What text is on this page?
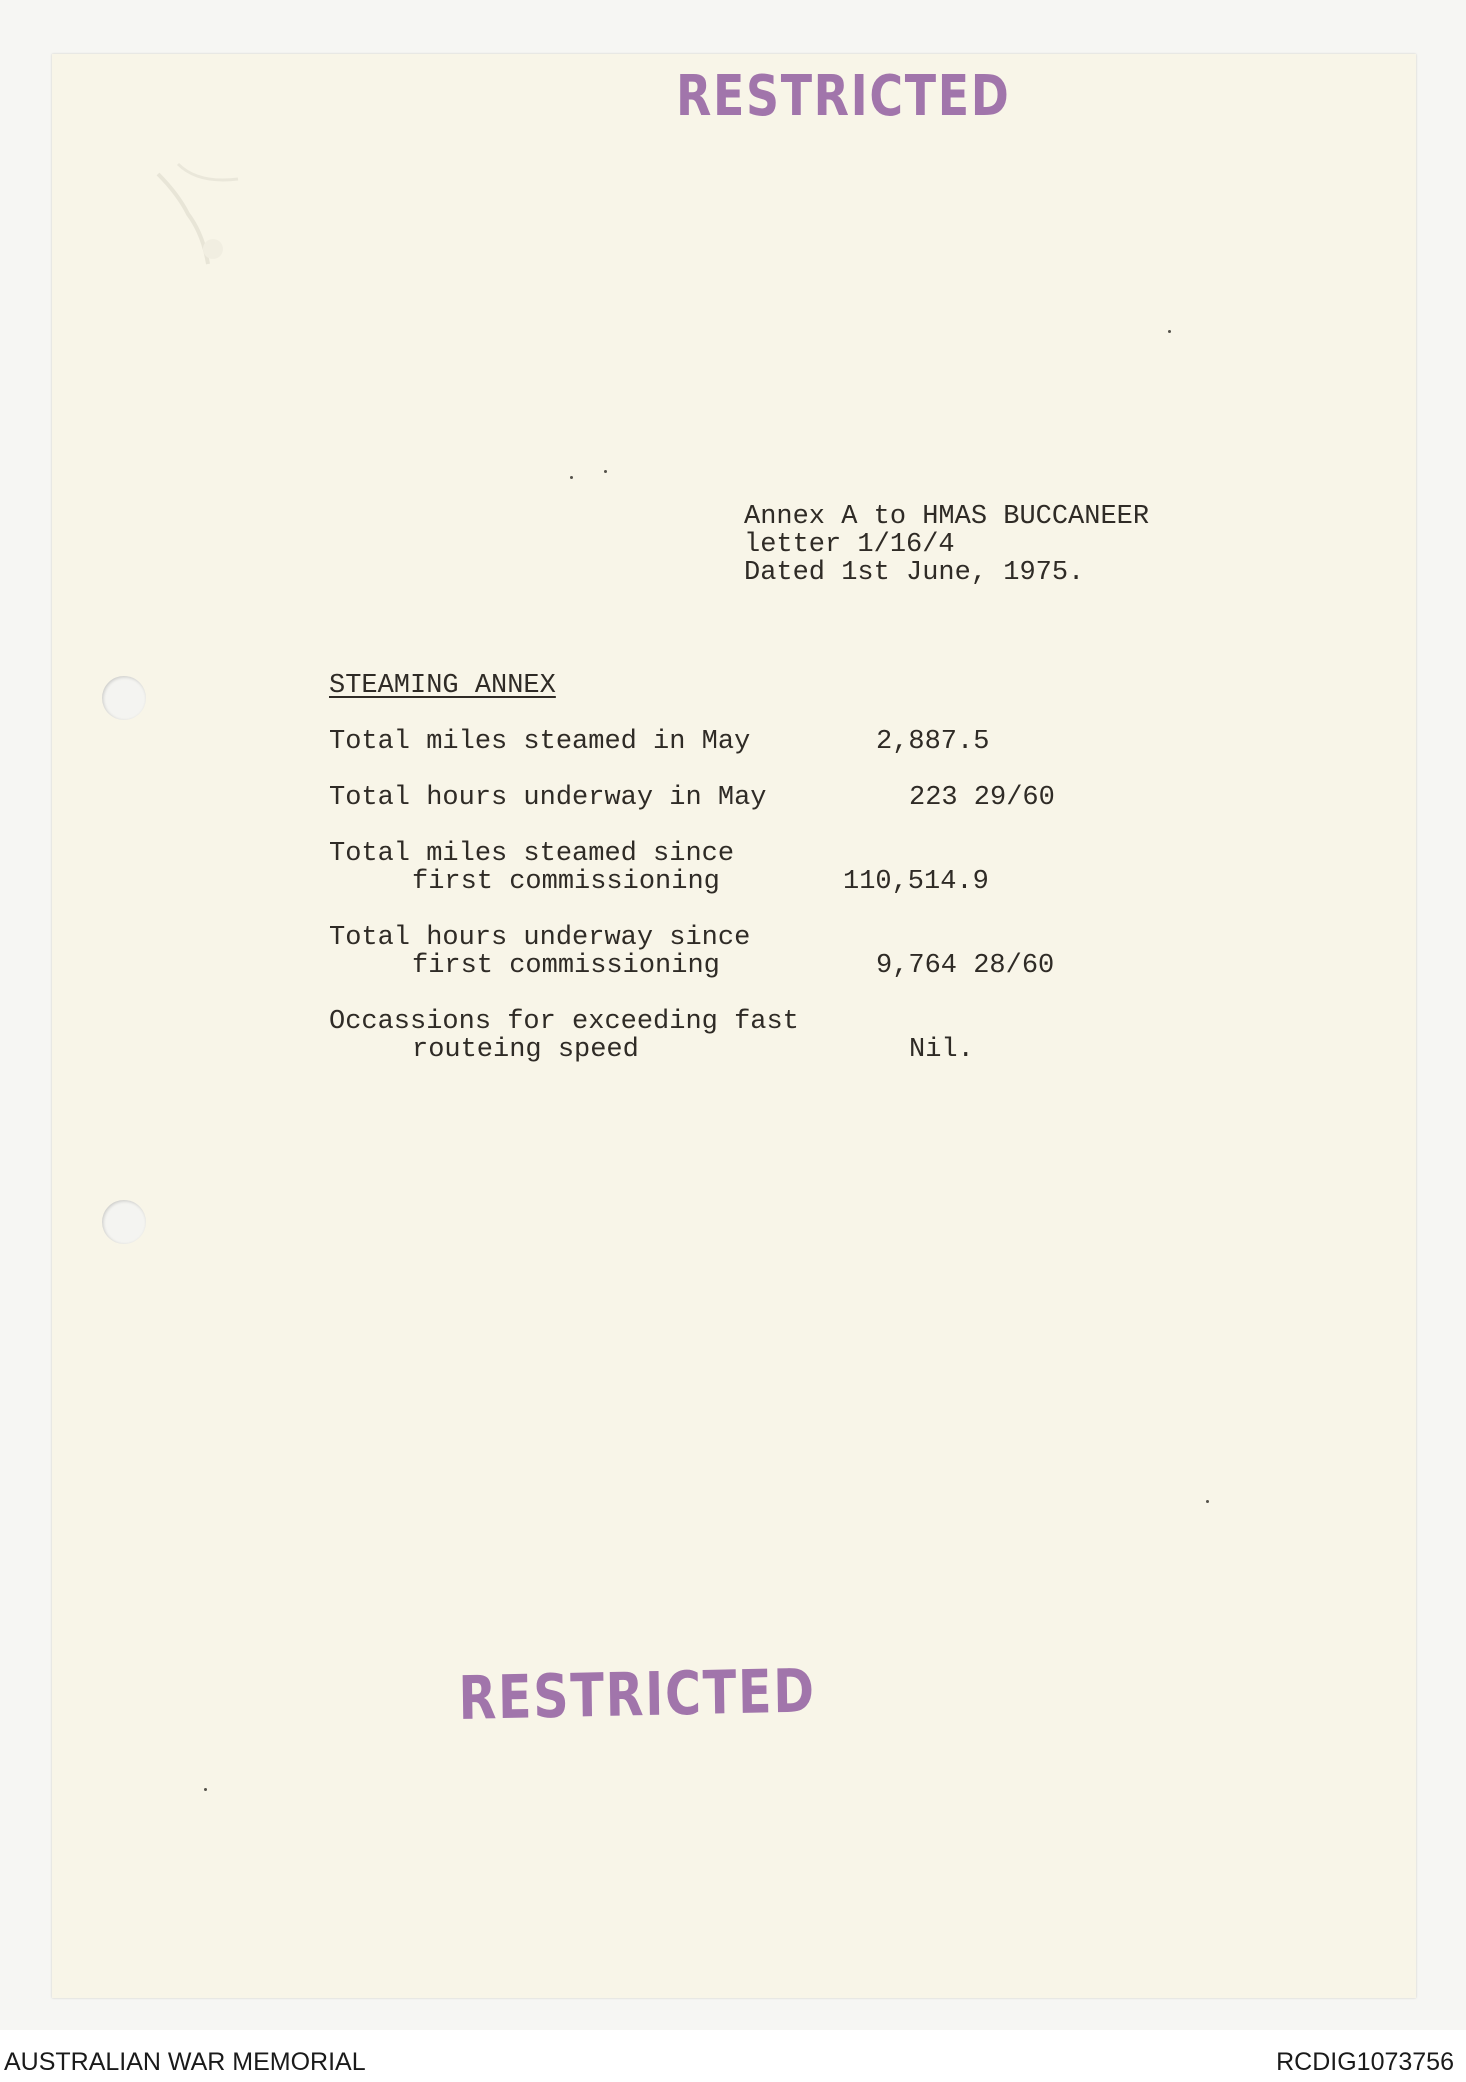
RESTRICTED
Annex A to HMAS BUCCANEER
letter 1/16/4
Dated 1st June, 1975.
STEAMING ANNEX
Total miles steamed in May	2,887.5
Total hours underway in May	223 29/60
Total miles steamed since
first commissioning	110,514.9
Total hours underway since
first commissioning	9,764 28/60
Occassions for exceeding fast
routeing speed	Nil.
RESTRICTED
AUSTRALIAN WAR MEMORIAL	RCDIG1073756
